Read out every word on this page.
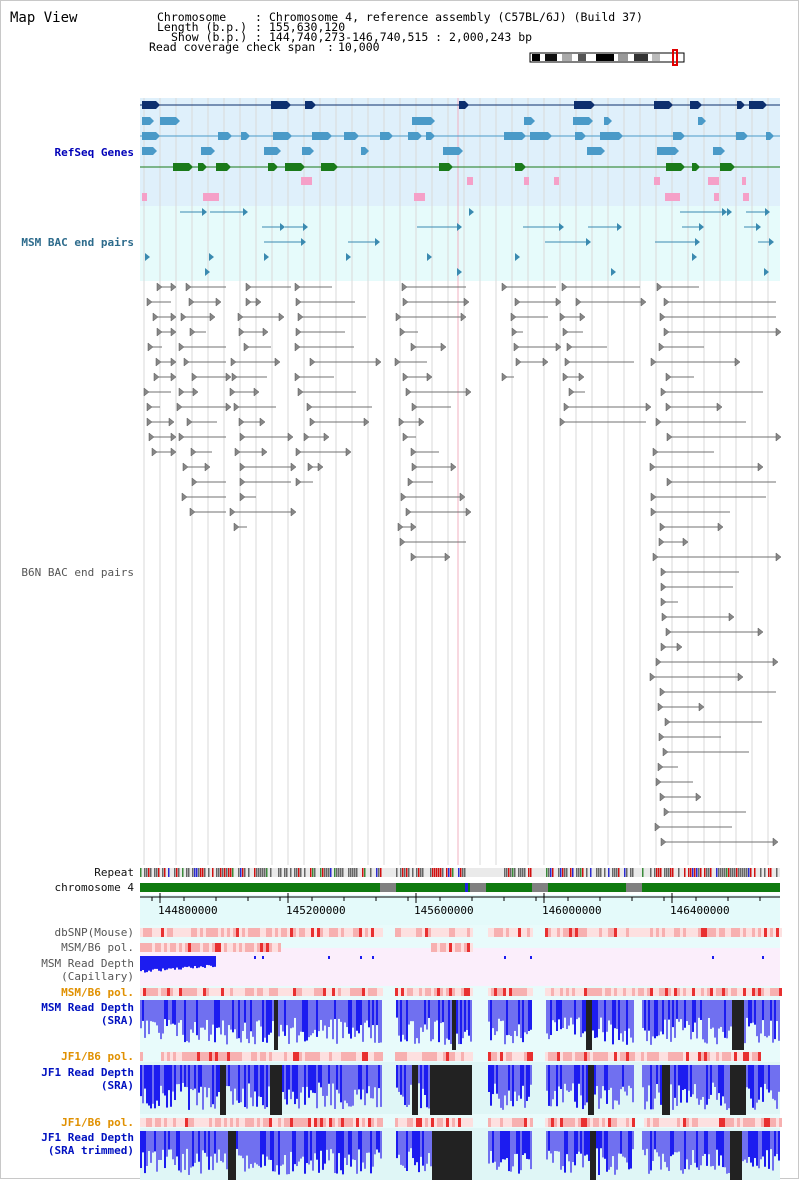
Map View	Chromosome	: Chromosome 4, reference assembly (C57BL/6J) (Build 37)
Length (b.p.) : 155,630,120
Show (b.p.) : 144,740,273-146,740,515 : 2,000,243 bp
Read coverage check span : 10,000
RefSeq Genes
MSM BAC end pairs
B6N BAC end pairs
Repeat
chromosome 4
dbSNP(Mouse)
MSM/B6 pol.
MSM Read Depth
(Capillary)
MSM/B6 pol.
MSM Read Depth
(SRA)
JF1/B6 pol.
JF1 Read Depth
(SRA)
JF1/B6 pol.
JF1 Read Depth
(SRA trimmed)
144800000	145200000	145600000	146000000	146400000
